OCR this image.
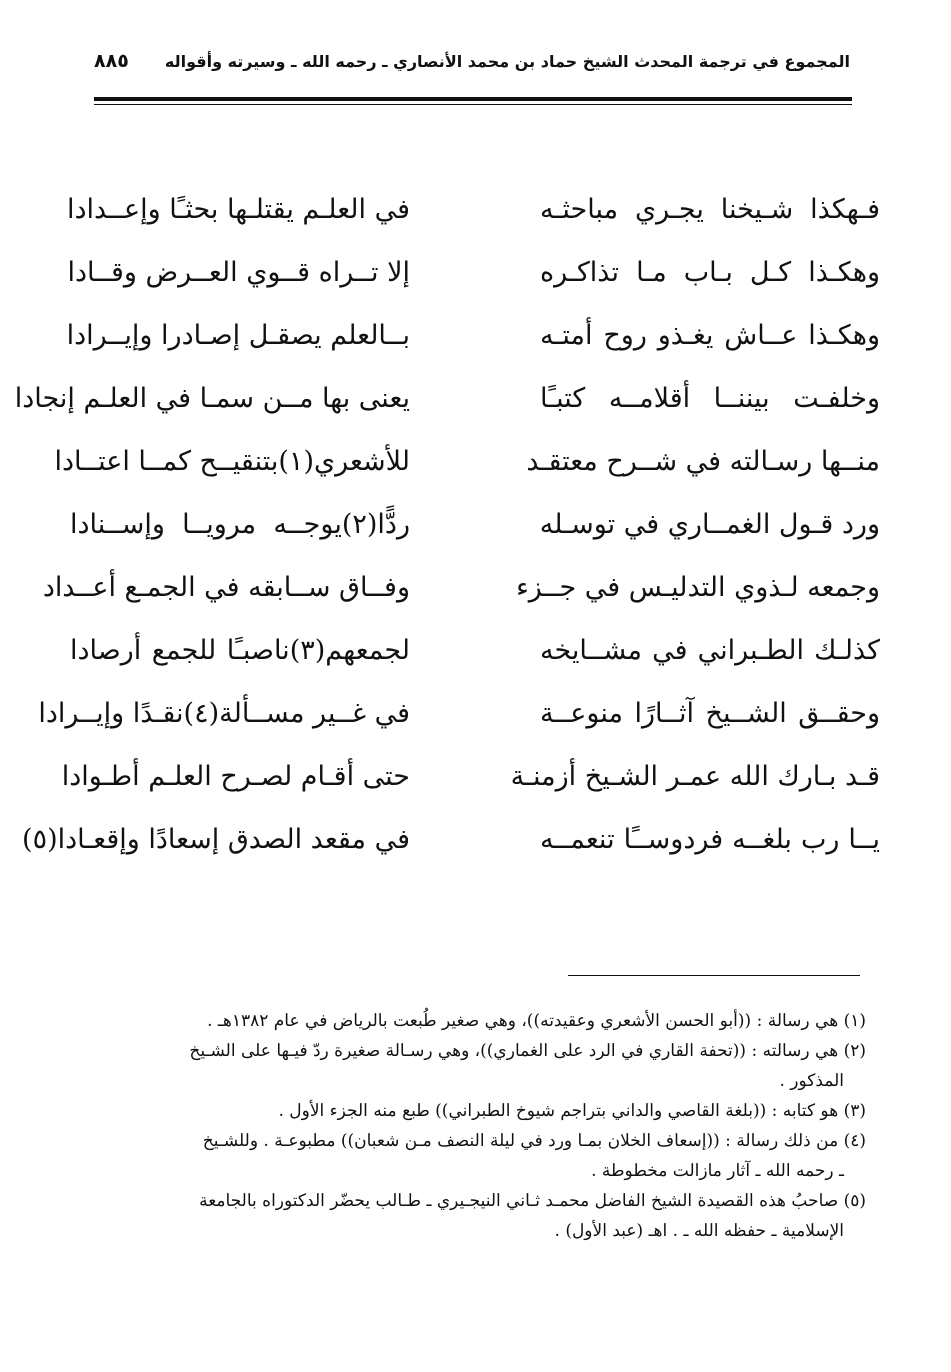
المجموع في ترجمة المحدث الشيخ حماد بن محمد الأنصاري ـ رحمه الله ـ وسيرته وأقواله
٨٨٥
فـهكذا شـيخنا يجـري مباحثـه
في العلـم يقتلـها بحثـًا وإعــدادا
وهكـذا كـل بـاب مـا تذاكـره
إلا تــراه قــوي العــرض وقــادا
وهكـذا عــاش يغـذو روح أمتـه
بــالعلم يصقـل إصـادرا وإيــرادا
وخلفـت بيننــا أقلامــه كتبـًا
يعنى بها مــن سمـا في العلـم إنجادا
منــها رسـالته في شــرح معتقـد
للأشعري(١)بتنقيــح كمــا اعتــادا
ورد قـول الغمــاري في توسـله
ردًّا(٢)يوجــه مرويــا وإســنادا
وجمعه لـذوي التدليـس في جــزء
وفــاق ســابقه في الجمـع أعــداد
كذلـك الطـبراني في مشــايخه
لجمعهم(٣)ناصبـًا للجمع أرصادا
وحقــق الشــيخ آثــارًا منوعــة
في غــير مســألة(٤)نقـدًا وإيــرادا
قـد بـارك الله عمـر الشـيخ أزمنـة
حتى أقـام لصـرح العلـم أطـوادا
يــا رب بلغــه فردوســًا تنعمــه
في مقعد الصدق إسعادًا وإقعـادا(٥)
(١) هي رسالة : ((أبو الحسن الأشعري وعقيدته))، وهي صغير طُبعت بالرياض في عام ١٣٨٢هـ .
(٢) هي رسالته : ((تحفة القاري في الرد على الغماري))، وهي رسـالة صغيرة ردّ فيـها على الشـيخ
المذكور .
(٣) هو كتابه : ((بلغة القاصي والداني بتراجم شيوخ الطبراني)) طبع منه الجزء الأول .
(٤) من ذلك رسالة : ((إسعاف الخلان بمـا ورد في ليلة النصف مـن شعبان)) مطبوعـة . وللشـيخ
ـ رحمه الله ـ آثار مازالت مخطوطة .
(٥) صاحبُ هذه القصيدة الشيخ الفاضل محمـد ثـاني النيجـيري ـ طـالب يحضّر الدكتوراه بالجامعة
الإسلامية ـ حفظه الله ـ . اهـ (عبد الأول) .
